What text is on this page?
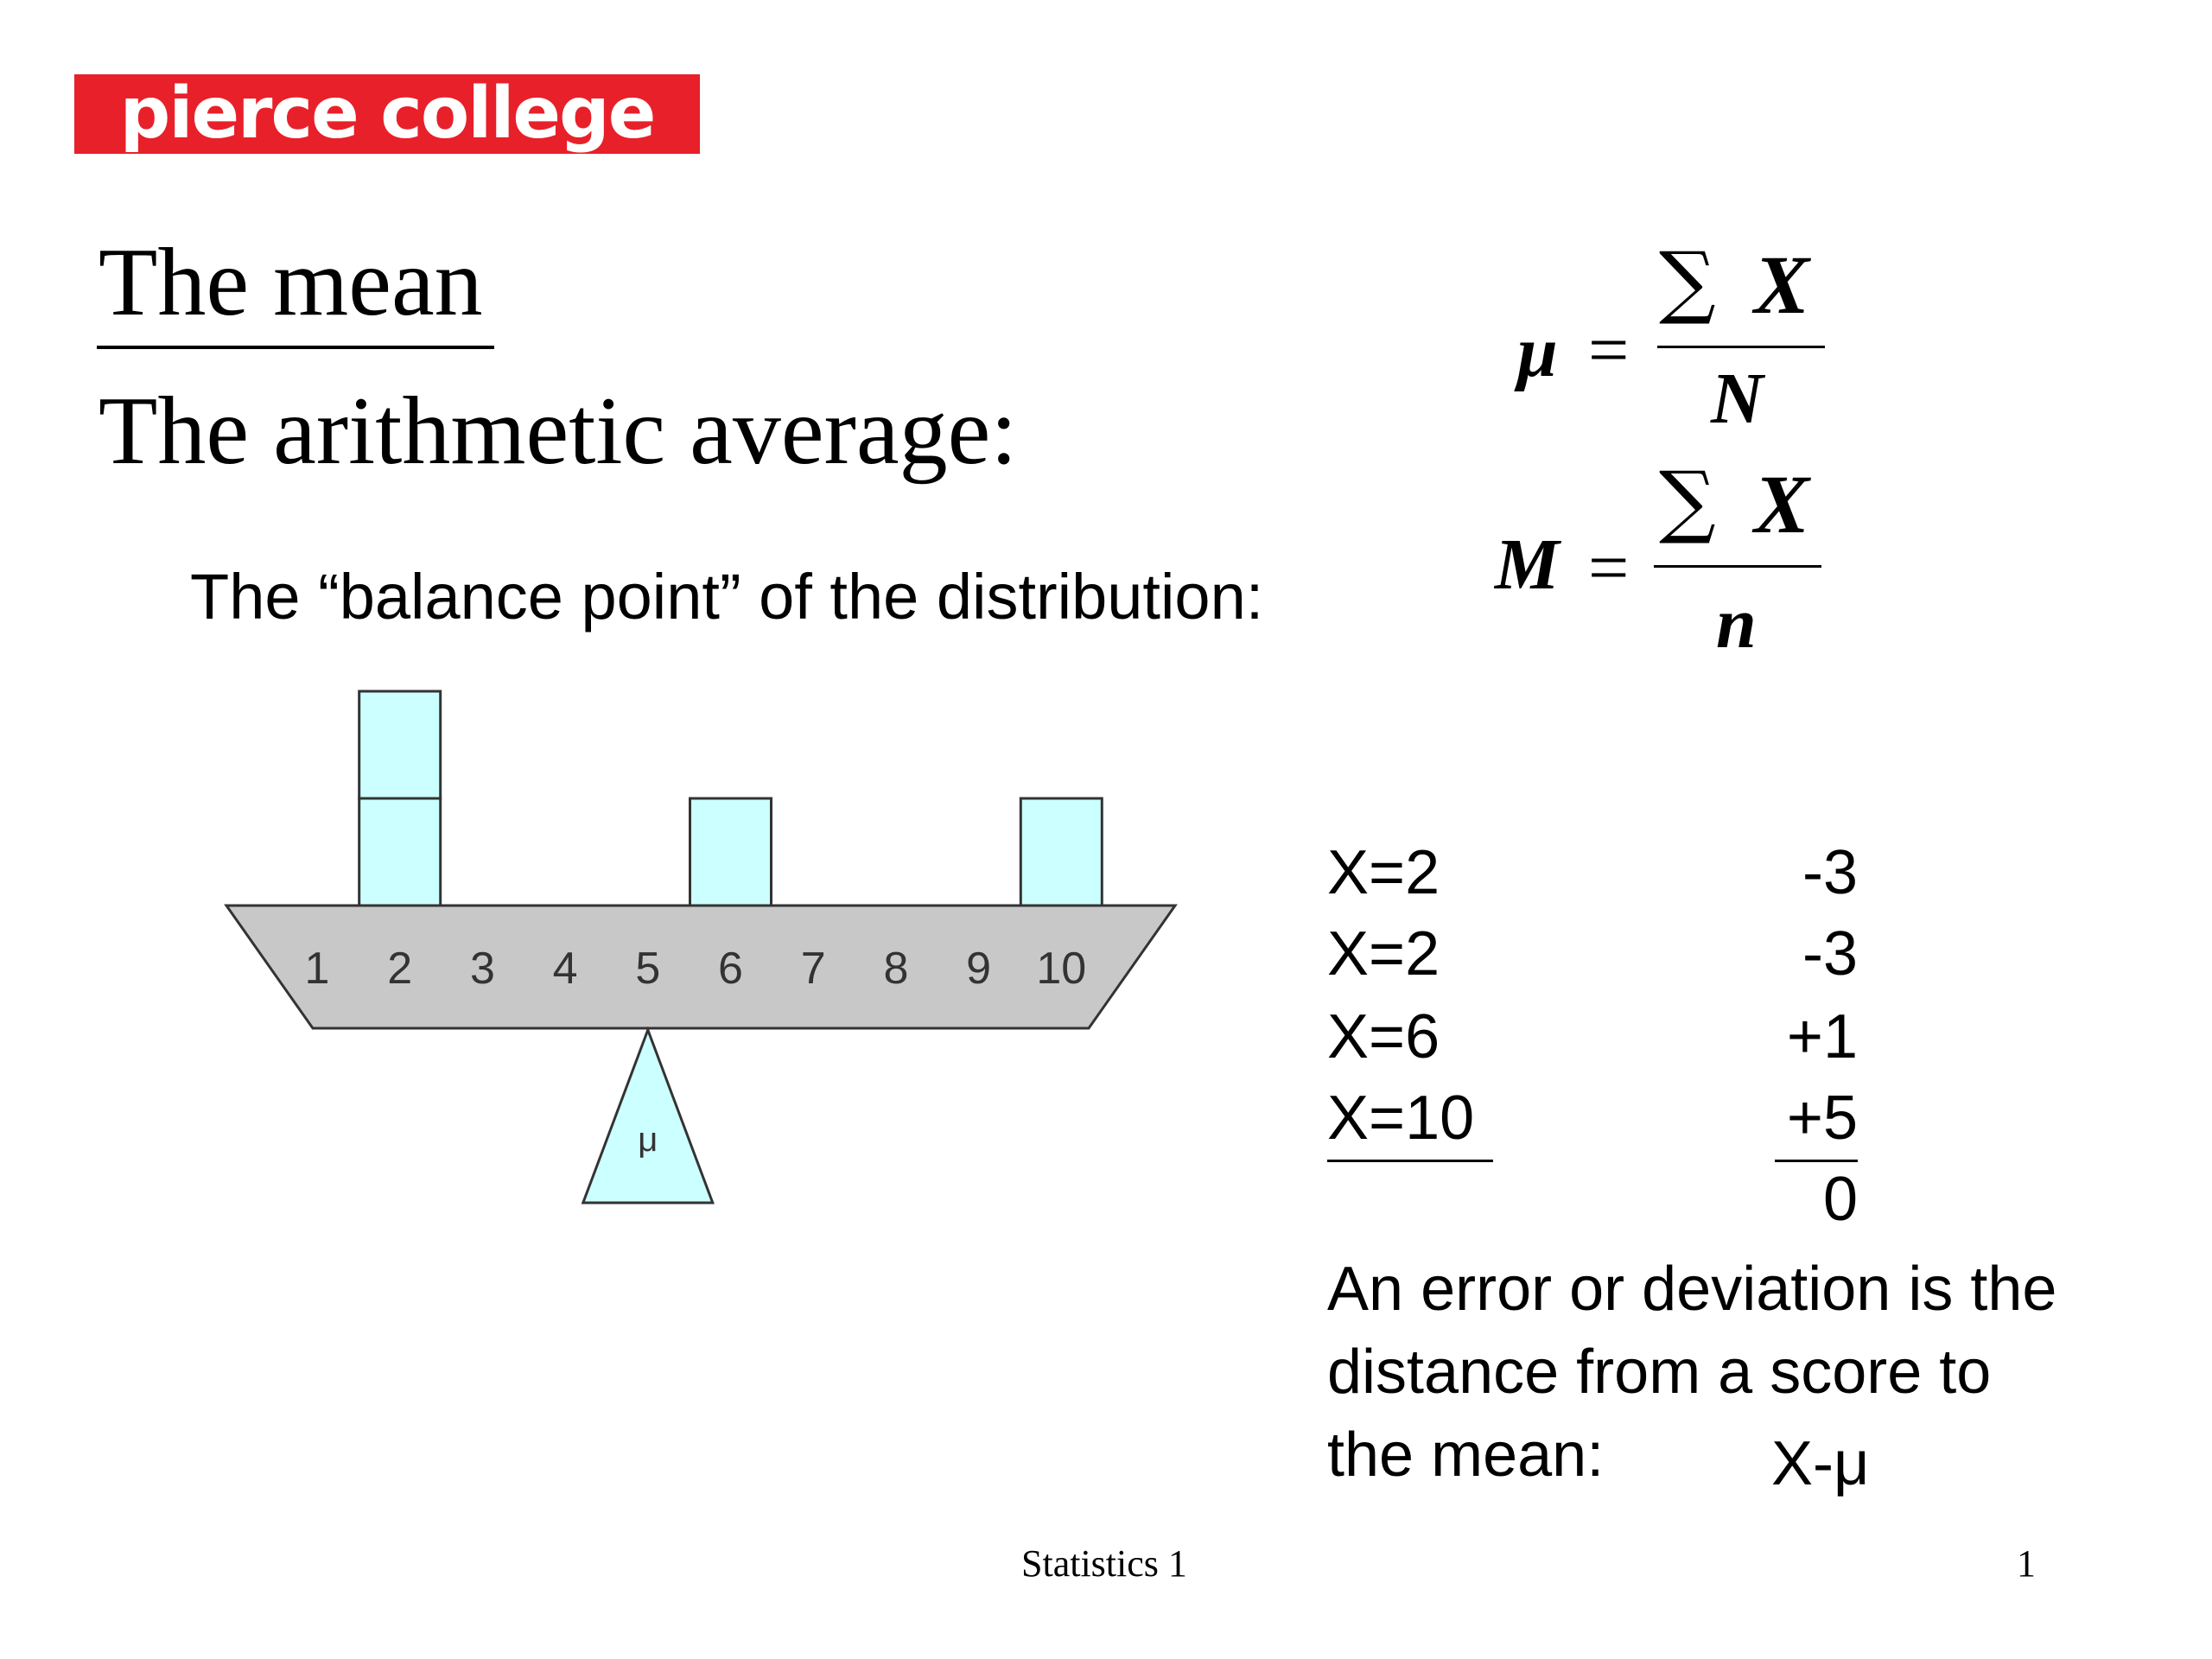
pierce college
The mean
The arithmetic average:
The “balance point” of the distribution:
μ =
∑ X
N
M =
∑ X
n
1 2 3 4 5 6 7 8 9 10
μ
X=2
X=2
X=6
X=10
-3
-3
+1
+5
0
An error or deviation is the
distance from a score to
the mean:	X-μ
Statistics 1	1
